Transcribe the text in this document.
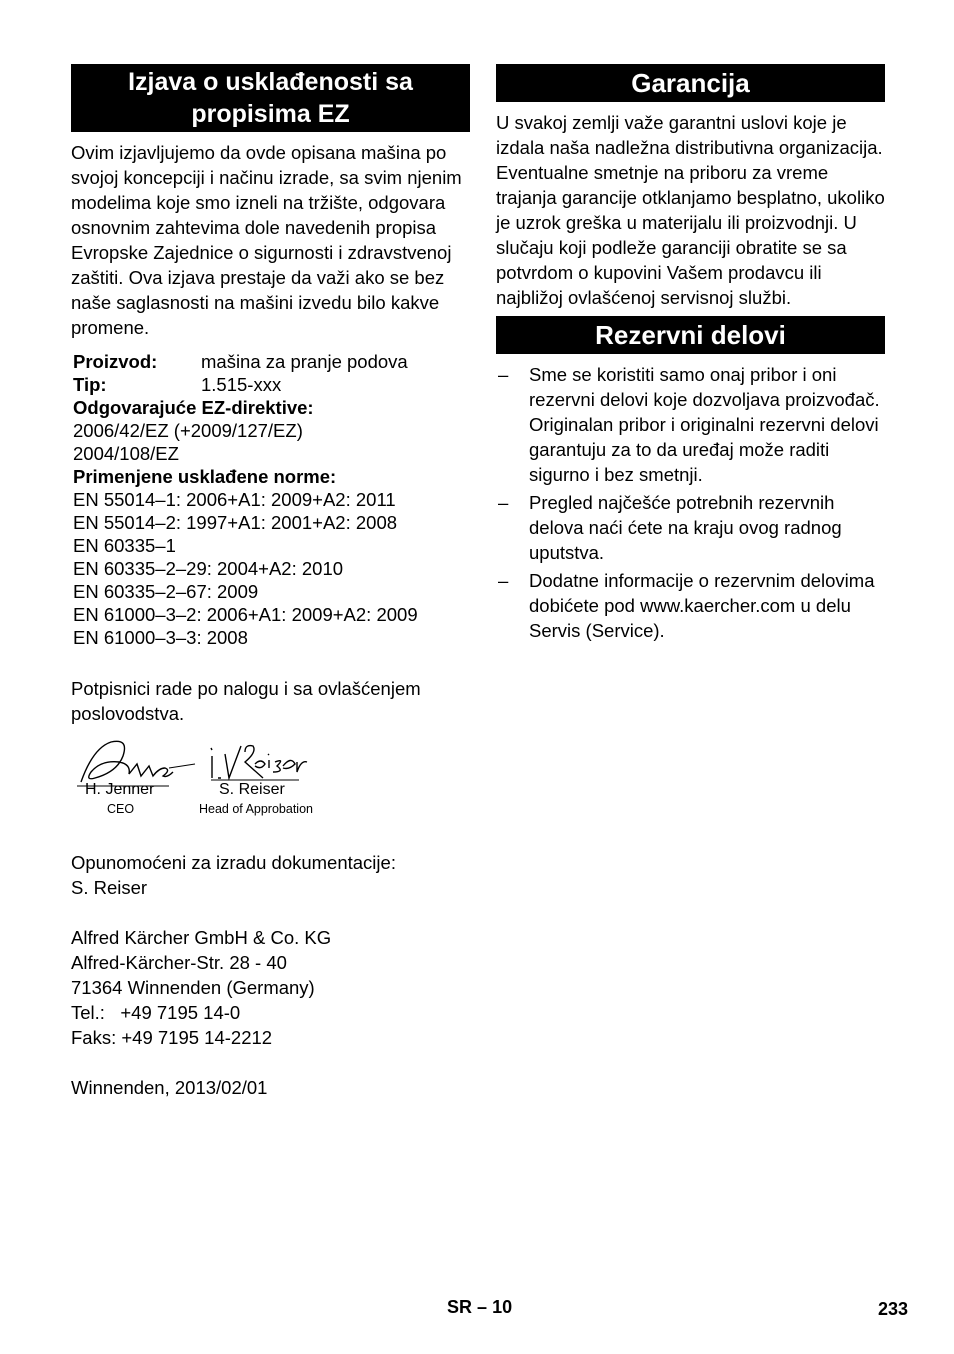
Izjava o usklađenosti sa propisima EZ

Ovim izjavljujemo da ovde opisana mašina po svojoj koncepciji i načinu izrade, sa svim njenim modelima koje smo izneli na tržište, odgovara osnovnim zahtevima dole navedenih propisa Evropske Zajednice o sigurnosti i zdravstvenoj zaštiti. Ova izjava prestaje da važi ako se bez naše saglasnosti na mašini izvedu bilo kakve promene.

Proizvod:	mašina za pranje podova
Tip:	1.515-xxx
Odgovarajuće EZ-direktive:
2006/42/EZ (+2009/127/EZ)
2004/108/EZ
Primenjene usklađene norme:
EN 55014–1: 2006+A1: 2009+A2: 2011
EN 55014–2: 1997+A1: 2001+A2: 2008
EN 60335–1
EN 60335–2–29: 2004+A2: 2010
EN 60335–2–67: 2009
EN 61000–3–2: 2006+A1: 2009+A2: 2009
EN 61000–3–3: 2008

Potpisnici rade po nalogu i sa ovlašćenjem poslovodstva.

H. Jenner
CEO
S. Reiser
Head of Approbation

Opunomoćeni za izradu dokumentacije:

S. Reiser

Alfred Kärcher GmbH & Co. KG

Alfred-Kärcher-Str. 28 - 40

71364 Winnenden (Germany)

Tel.:   +49 7195 14-0

Faks: +49 7195 14-2212

Winnenden, 2013/02/01

Garancija

U svakoj zemlji važe garantni uslovi koje je izdala naša nadležna distributivna organizacija. Eventualne smetnje na priboru za vreme trajanja garancije otklanjamo besplatno, ukoliko je uzrok greška u materijalu ili proizvodnji. U slučaju koji podleže garanciji obratite se sa potvrdom o kupovini Vašem prodavcu ili najbližoj ovlašćenoj servisnoj službi.

Rezervni delovi
– Sme se koristiti samo onaj pribor i oni rezervni delovi koje dozvoljava proizvođač. Originalan pribor i originalni rezervni delovi garantuju za to da uređaj može raditi sigurno i bez smetnji.
– Pregled najčešće potrebnih rezervnih delova naći ćete na kraju ovog radnog uputstva.
– Dodatne informacije o rezervnim delovima dobićete pod www.kaercher.com u delu Servis (Service).
SR – 10	233
